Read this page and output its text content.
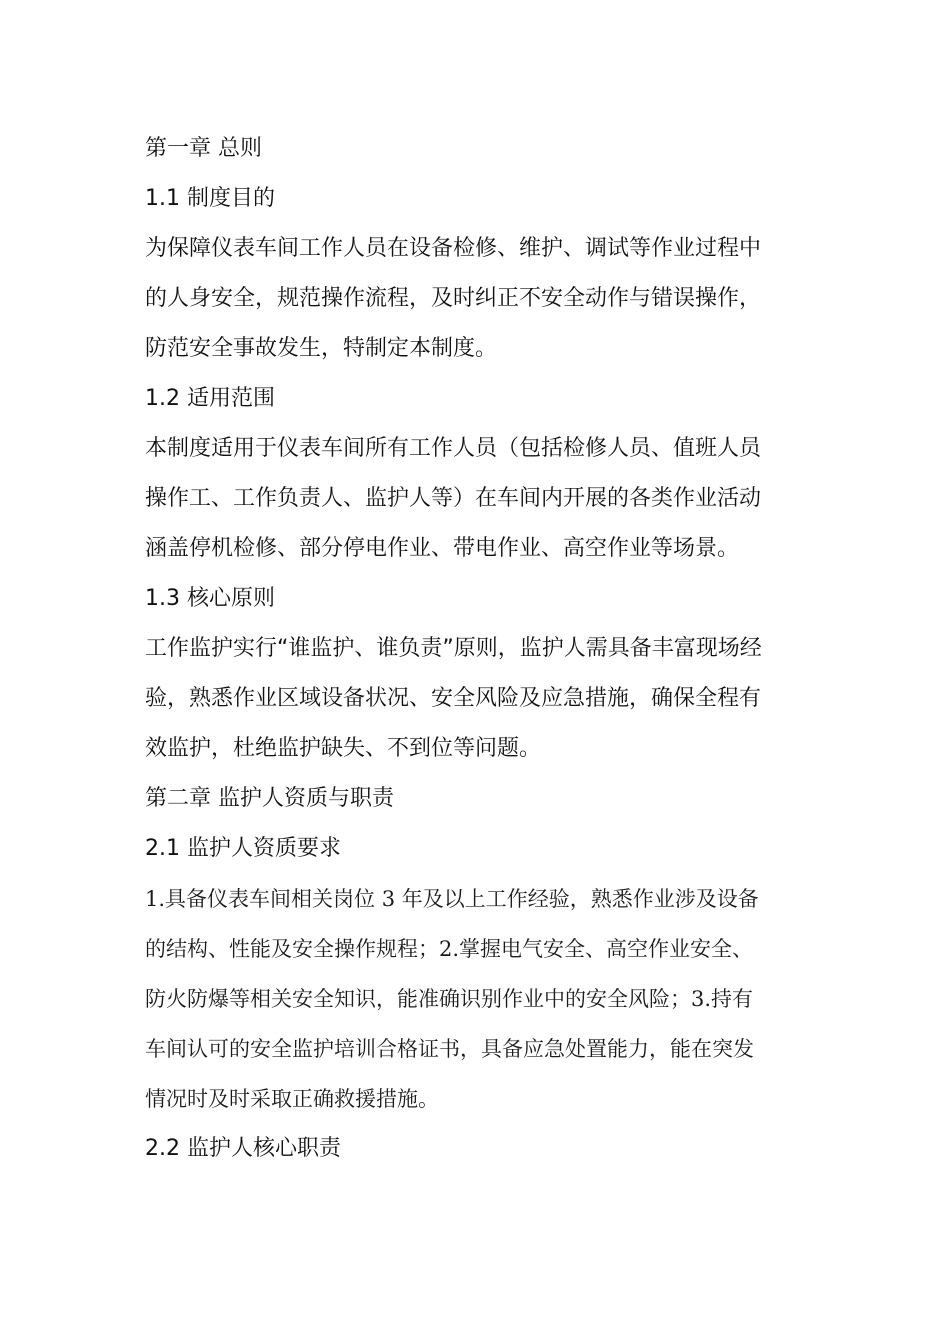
第一章 总则
1.1 制度目的
为保障仪表车间工作人员在设备检修、维护、调试等作业过程中
的人身安全，规范操作流程，及时纠正不安全动作与错误操作，
防范安全事故发生，特制定本制度。
1.2 适用范围
本制度适用于仪表车间所有工作人员（包括检修人员、值班人员
操作工、工作负责人、监护人等）在车间内开展的各类作业活动
涵盖停机检修、部分停电作业、带电作业、高空作业等场景。
1.3 核心原则
工作监护实行“谁监护、谁负责”原则，监护人需具备丰富现场经
验，熟悉作业区域设备状况、安全风险及应急措施，确保全程有
效监护，杜绝监护缺失、不到位等问题。
第二章 监护人资质与职责
2.1 监护人资质要求
1.具备仪表车间相关岗位 3 年及以上工作经验，熟悉作业涉及设备
的结构、性能及安全操作规程；2.掌握电气安全、高空作业安全、
防火防爆等相关安全知识，能准确识别作业中的安全风险；3.持有
车间认可的安全监护培训合格证书，具备应急处置能力，能在突发
情况时及时采取正确救援措施。
2.2 监护人核心职责
